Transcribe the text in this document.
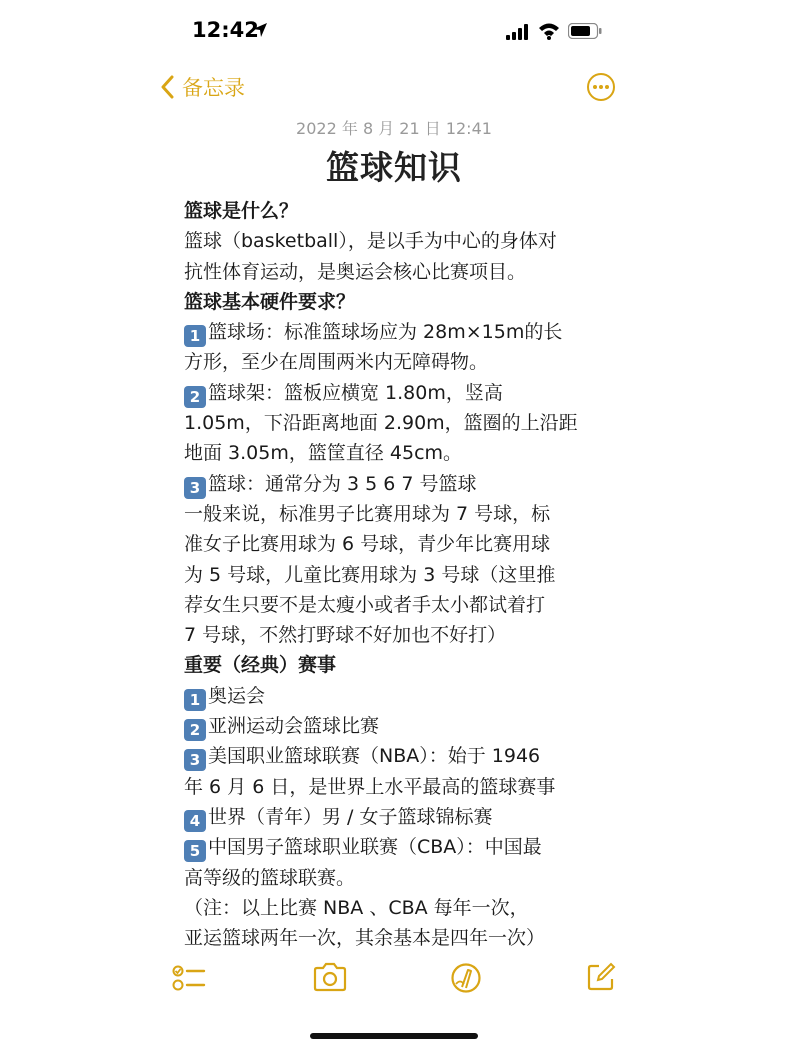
12:42
备忘录
2022 年 8 月 21 日 12:41
篮球知识
篮球是什么？
篮球（basketball），是以手为中心的身体对
抗性体育运动，是奥运会核心比赛项目。
篮球基本硬件要求？
1 篮球场：标准篮球场应为 28m×15m的长
方形，至少在周围两米内无障碍物。
2 篮球架：篮板应横宽 1.80m，竖高
1.05m，下沿距离地面 2.90m，篮圈的上沿距
地面 3.05m，篮筐直径 45cm。
3 篮球：通常分为 3 5 6 7 号篮球
一般来说，标准男子比赛用球为 7 号球，标
准女子比赛用球为 6 号球，青少年比赛用球
为 5 号球，儿童比赛用球为 3 号球（这里推
荐女生只要不是太瘦小或者手太小都试着打
7 号球，不然打野球不好加也不好打）
重要（经典）赛事
1 奥运会
2 亚洲运动会篮球比赛
3 美国职业篮球联赛（NBA）：始于 1946
年 6 月 6 日，是世界上水平最高的篮球赛事
4 世界（青年）男 / 女子篮球锦标赛
5 中国男子篮球职业联赛（CBA）：中国最
高等级的篮球联赛。
（注：以上比赛 NBA 、CBA 每年一次，
亚运篮球两年一次，其余基本是四年一次）
